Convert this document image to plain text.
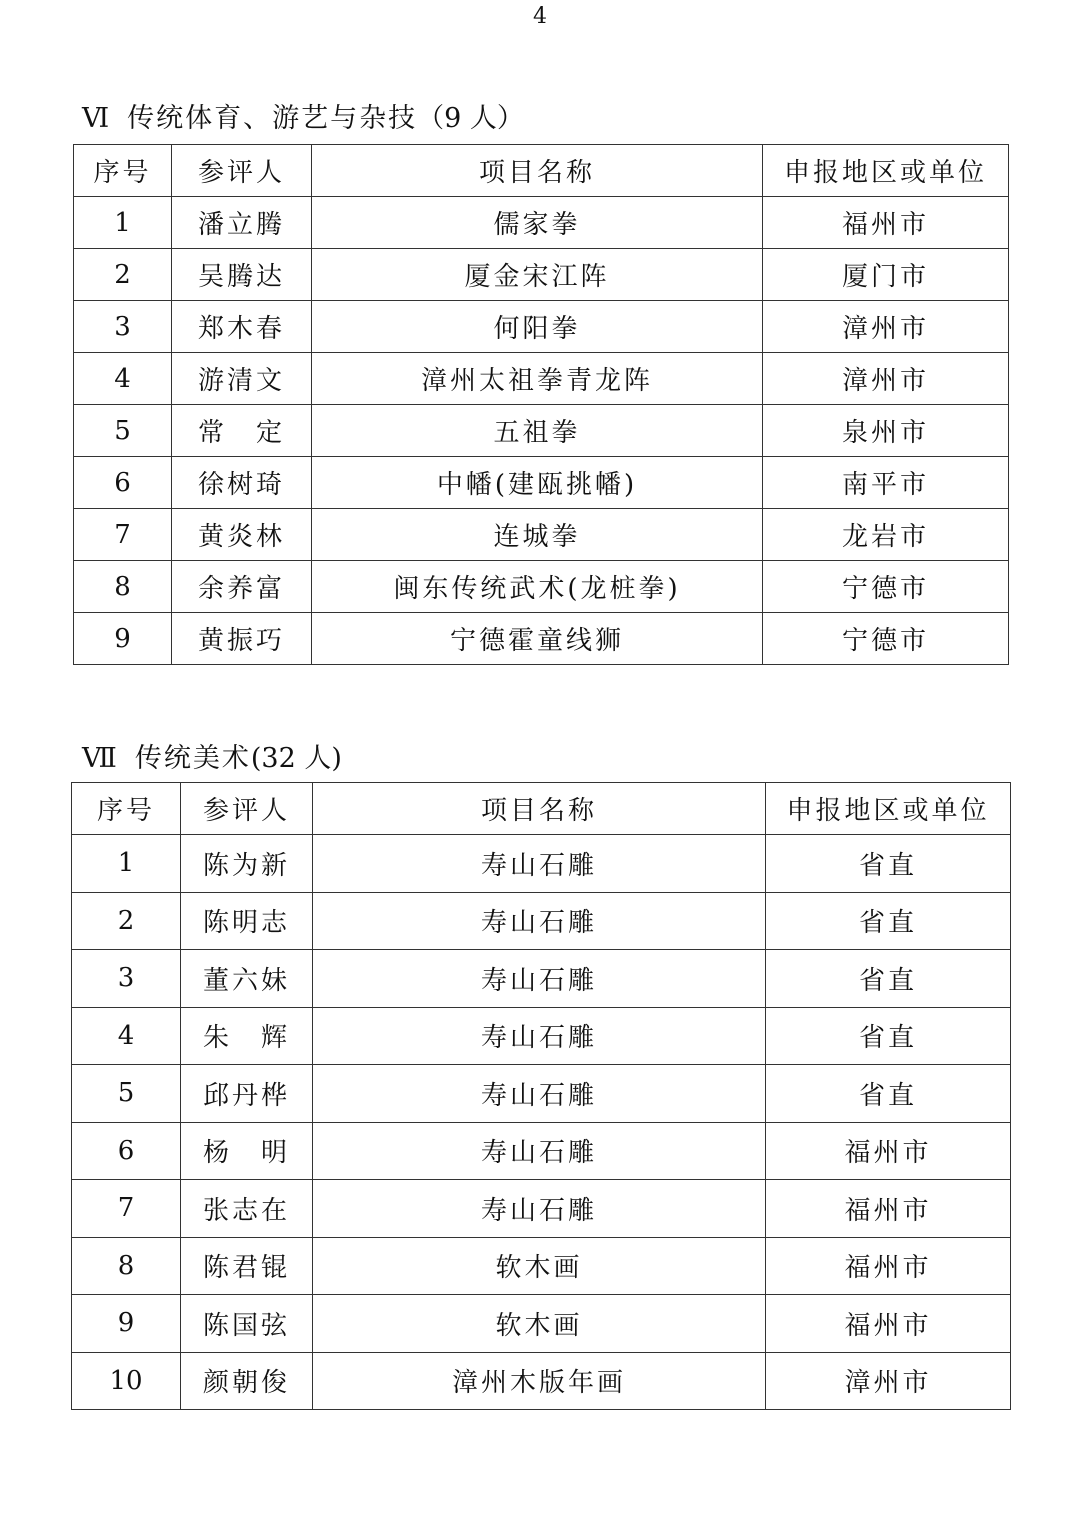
4
Ⅵ 传统体育、游艺与杂技（9 人）
序号	参评人	项目名称	申报地区或单位
1	潘立腾	儒家拳	福州市
2	吴腾达	厦金宋江阵	厦门市
3	郑木春	何阳拳	漳州市
4	游清文	漳州太祖拳青龙阵	漳州市
5	常　定	五祖拳	泉州市
6	徐树琦	中幡(建瓯挑幡)	南平市
7	黄炎林	连城拳	龙岩市
8	余养富	闽东传统武术(龙桩拳)	宁德市
9	黄振巧	宁德霍童线狮	宁德市
Ⅶ 传统美术(32 人)
序号	参评人	项目名称	申报地区或单位
1	陈为新	寿山石雕	省直
2	陈明志	寿山石雕	省直
3	董六妹	寿山石雕	省直
4	朱　辉	寿山石雕	省直
5	邱丹桦	寿山石雕	省直
6	杨　明	寿山石雕	福州市
7	张志在	寿山石雕	福州市
8	陈君锟	软木画	福州市
9	陈国弦	软木画	福州市
10	颜朝俊	漳州木版年画	漳州市
